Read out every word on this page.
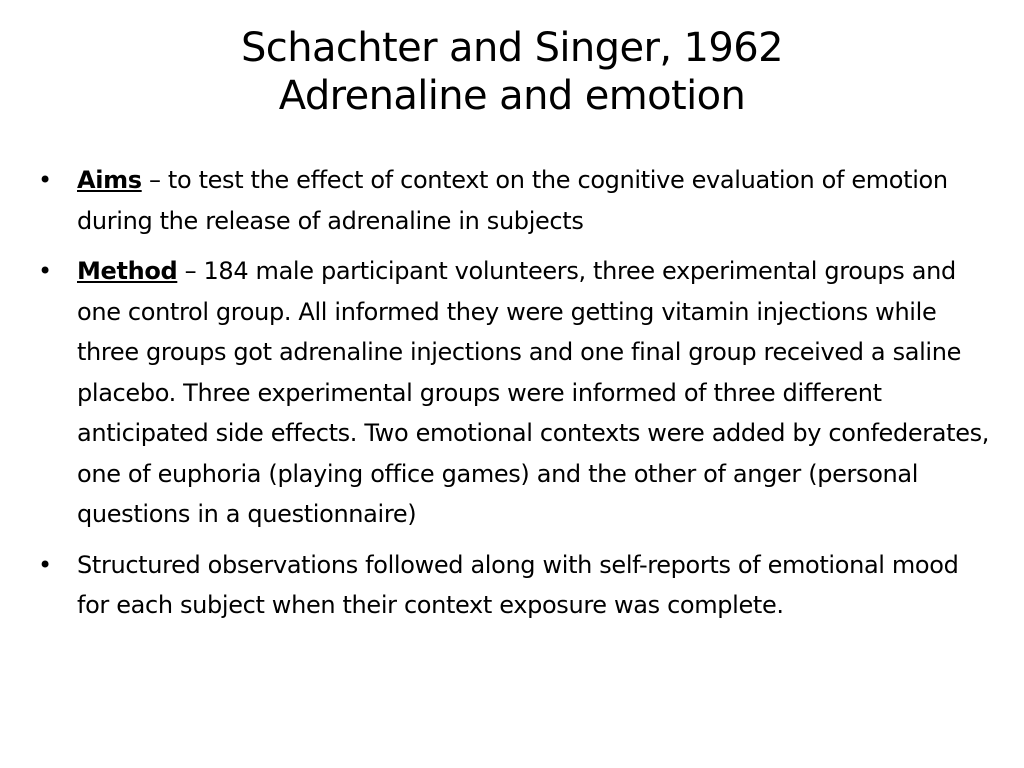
Schachter and Singer, 1962
Adrenaline and emotion
• Aims – to test the effect of context on the cognitive evaluation of emotion during the release of adrenaline in subjects
• Method – 184 male participant volunteers, three experimental groups and one control group. All informed they were getting vitamin injections while three groups got adrenaline injections and one final group received a saline placebo. Three experimental groups were informed of three different anticipated side effects. Two emotional contexts were added by confederates, one of euphoria (playing office games) and the other of anger (personal questions in a questionnaire)
• Structured observations followed along with self-reports of emotional mood for each subject when their context exposure was complete.
